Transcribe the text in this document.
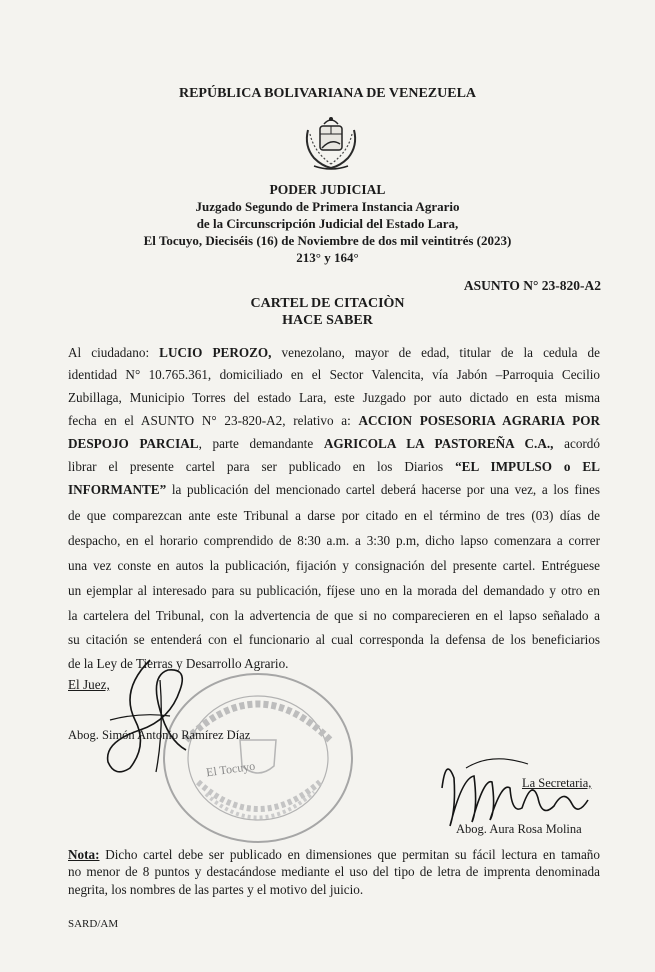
REPÚBLICA BOLIVARIANA DE VENEZUELA
PODER JUDICIAL
Juzgado Segundo de Primera Instancia Agrario
de la Circunscripción Judicial del Estado Lara,
El Tocuyo, Dieciséis (16) de Noviembre de dos mil veintitrés (2023)
213° y 164°
ASUNTO N° 23-820-A2
CARTEL DE CITACIÒN
HACE SABER
Al ciudadano: LUCIO PEROZO, venezolano, mayor de edad, titular de la cedula de
identidad N° 10.765.361, domiciliado en el Sector Valencita, vía Jabón –Parroquia Cecilio
Zubillaga, Municipio Torres del estado Lara, este Juzgado por auto dictado en esta misma
fecha en el ASUNTO N° 23-820-A2, relativo a: ACCION POSESORIA AGRARIA POR
DESPOJO PARCIAL, parte demandante AGRICOLA LA PASTOREÑA C.A., acordó
librar el presente cartel para ser publicado en los Diarios “EL IMPULSO o EL
INFORMANTE” la publicación del mencionado cartel deberá hacerse por una vez, a los fines
de que comparezcan ante este Tribunal a darse por citado en el término de tres (03) días de
despacho, en el horario comprendido de 8:30 a.m. a 3:30 p.m, dicho lapso comenzara a correr
una vez conste en autos la publicación, fijación y consignación del presente cartel. Entréguese
un ejemplar al interesado para su publicación, fíjese uno en la morada del demandado y otro en
la cartelera del Tribunal, con la advertencia de que si no comparecieren en el lapso señalado a
su citación se entenderá con el funcionario al cual corresponda la defensa de los beneficiarios
de la Ley de Tierras y Desarrollo Agrario.
El Juez,
El Tocuyo
Abog. Simón Antonio Ramírez Díaz
La Secretaria,
Abog. Aura Rosa Molina
Nota: Dicho cartel debe ser publicado en dimensiones que permitan su fácil lectura en tamaño
no menor de 8 puntos y destacándose mediante el uso del tipo de letra de imprenta denominada
negrita, los nombres de las partes y el motivo del juicio.
SARD/AM
